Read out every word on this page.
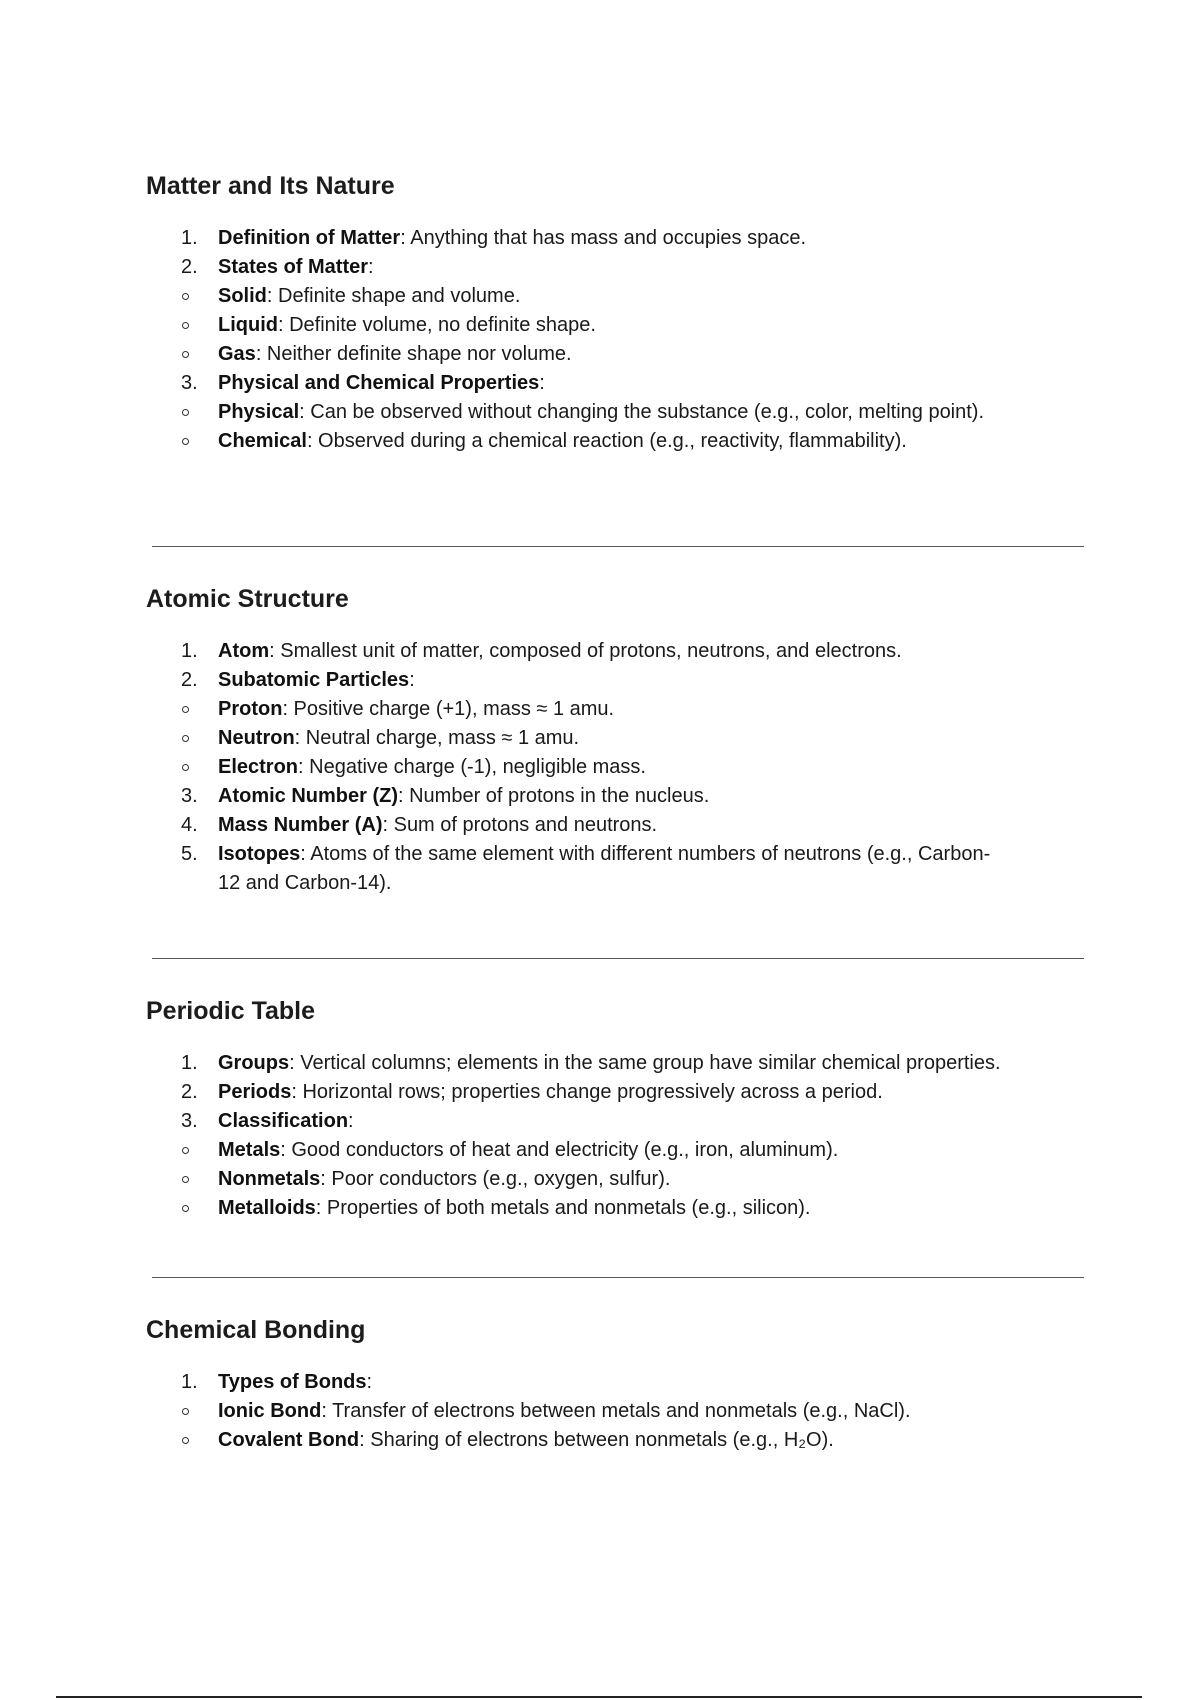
Matter and Its Nature
1.	Definition of Matter: Anything that has mass and occupies space.
2.	States of Matter:
Solid: Definite shape and volume.
Liquid: Definite volume, no definite shape.
Gas: Neither definite shape nor volume.
3.	Physical and Chemical Properties:
Physical: Can be observed without changing the substance (e.g., color, melting point).
Chemical: Observed during a chemical reaction (e.g., reactivity, flammability).
Atomic Structure
1.	Atom: Smallest unit of matter, composed of protons, neutrons, and electrons.
2.	Subatomic Particles:
Proton: Positive charge (+1), mass ≈ 1 amu.
Neutron: Neutral charge, mass ≈ 1 amu.
Electron: Negative charge (-1), negligible mass.
3.	Atomic Number (Z): Number of protons in the nucleus.
4.	Mass Number (A): Sum of protons and neutrons.
5.	Isotopes: Atoms of the same element with different numbers of neutrons (e.g., Carbon-12 and Carbon-14).
Periodic Table
1.	Groups: Vertical columns; elements in the same group have similar chemical properties.
2.	Periods: Horizontal rows; properties change progressively across a period.
3.	Classification:
Metals: Good conductors of heat and electricity (e.g., iron, aluminum).
Nonmetals: Poor conductors (e.g., oxygen, sulfur).
Metalloids: Properties of both metals and nonmetals (e.g., silicon).
Chemical Bonding
1.	Types of Bonds:
Ionic Bond: Transfer of electrons between metals and nonmetals (e.g., NaCl).
Covalent Bond: Sharing of electrons between nonmetals (e.g., H₂O).
